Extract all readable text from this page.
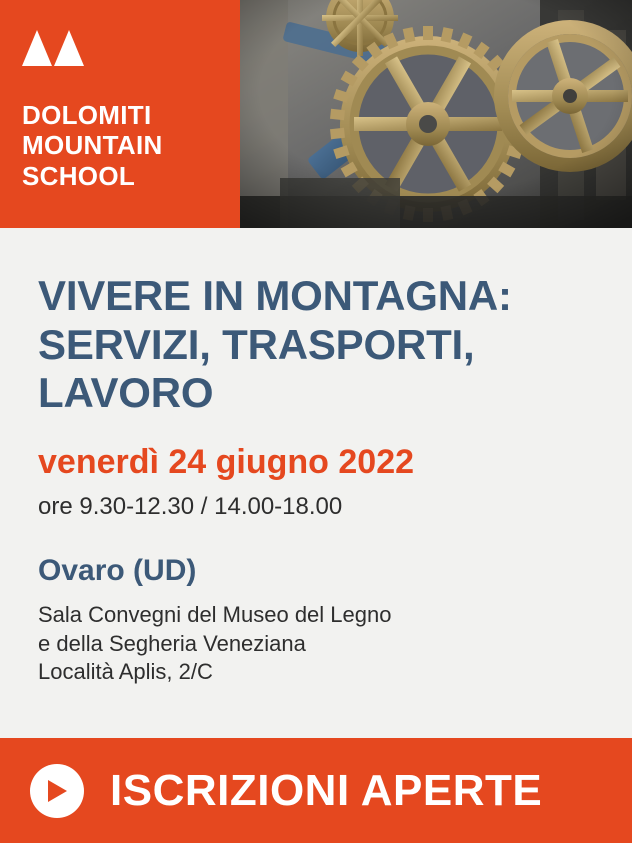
DOLOMITI
MOUNTAIN
SCHOOL
VIVERE IN MONTAGNA:
SERVIZI, TRASPORTI,
LAVORO
venerdì 24 giugno 2022
ore 9.30-12.30 / 14.00-18.00
Ovaro (UD)
Sala Convegni del Museo del Legno
e della Segheria Veneziana
Località Aplis, 2/C
ISCRIZIONI APERTE
